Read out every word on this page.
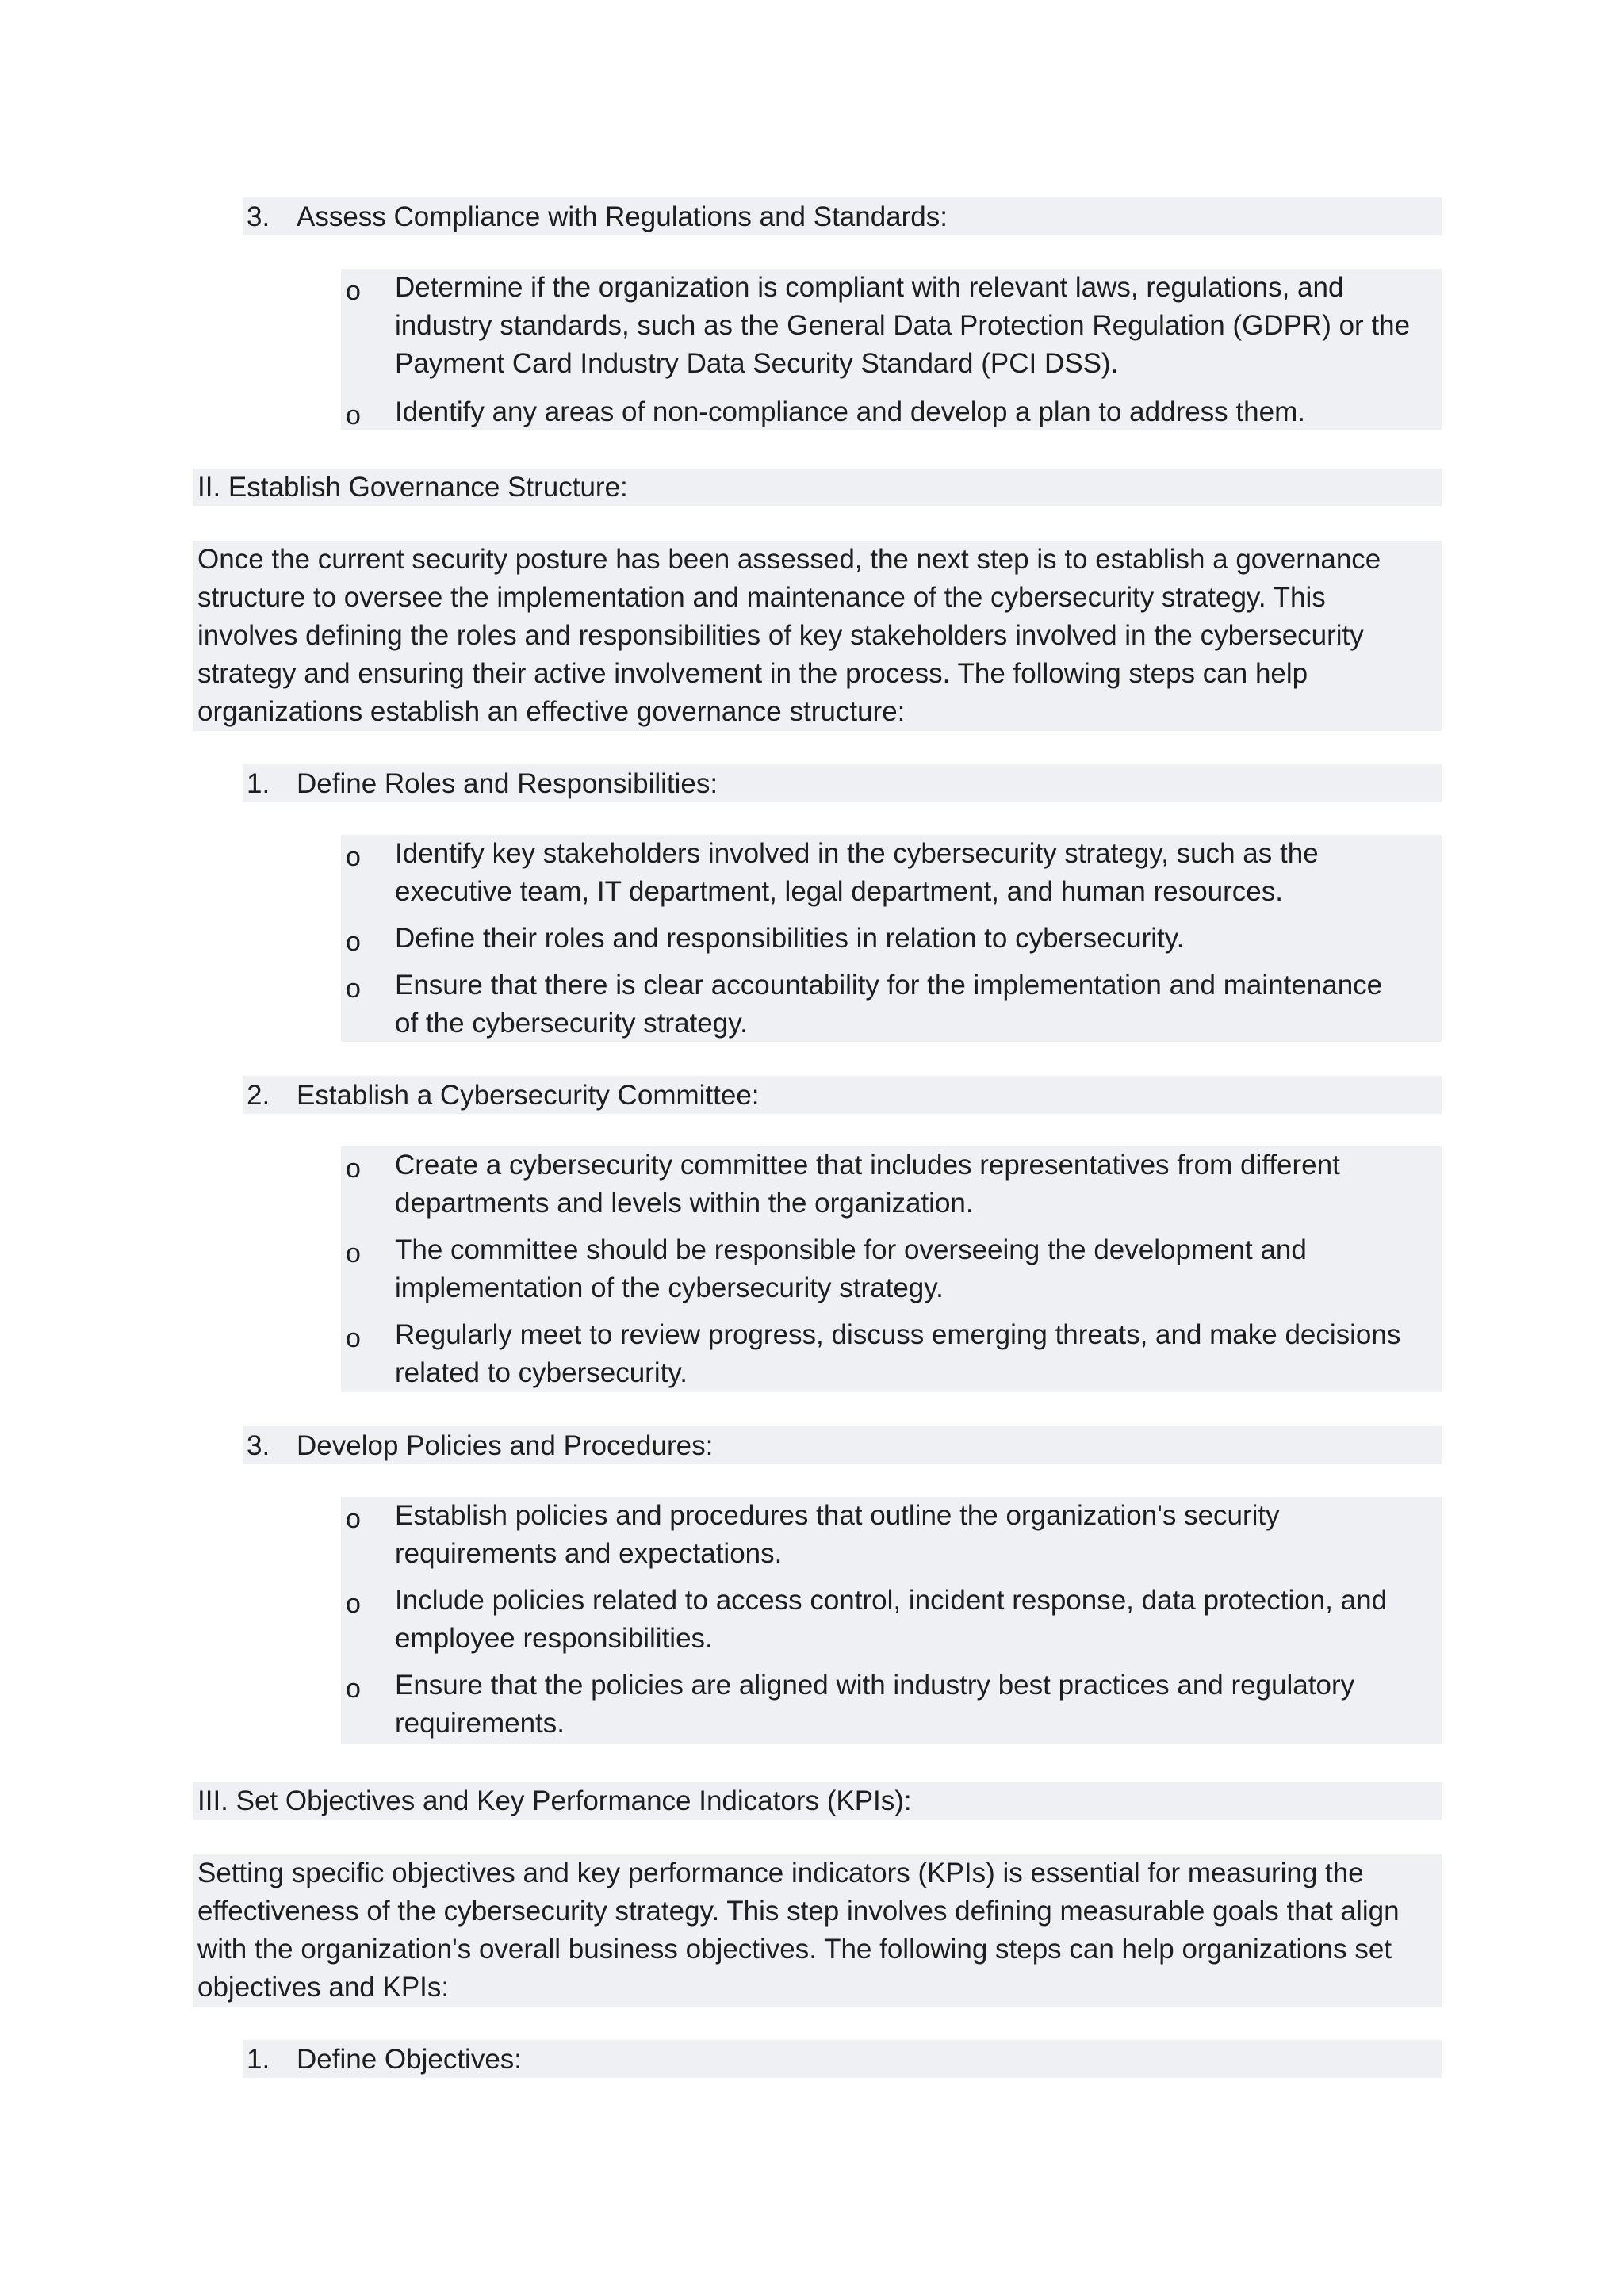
3. Assess Compliance with Regulations and Standards:
o Determine if the organization is compliant with relevant laws, regulations, and
industry standards, such as the General Data Protection Regulation (GDPR) or the
Payment Card Industry Data Security Standard (PCI DSS).
o Identify any areas of non-compliance and develop a plan to address them.
II. Establish Governance Structure:
Once the current security posture has been assessed, the next step is to establish a governance
structure to oversee the implementation and maintenance of the cybersecurity strategy. This
involves defining the roles and responsibilities of key stakeholders involved in the cybersecurity
strategy and ensuring their active involvement in the process. The following steps can help
organizations establish an effective governance structure:
1. Define Roles and Responsibilities:
o Identify key stakeholders involved in the cybersecurity strategy, such as the
executive team, IT department, legal department, and human resources.
o Define their roles and responsibilities in relation to cybersecurity.
o Ensure that there is clear accountability for the implementation and maintenance
of the cybersecurity strategy.
2. Establish a Cybersecurity Committee:
o Create a cybersecurity committee that includes representatives from different
departments and levels within the organization.
o The committee should be responsible for overseeing the development and
implementation of the cybersecurity strategy.
o Regularly meet to review progress, discuss emerging threats, and make decisions
related to cybersecurity.
3. Develop Policies and Procedures:
o Establish policies and procedures that outline the organization's security
requirements and expectations.
o Include policies related to access control, incident response, data protection, and
employee responsibilities.
o Ensure that the policies are aligned with industry best practices and regulatory
requirements.
III. Set Objectives and Key Performance Indicators (KPIs):
Setting specific objectives and key performance indicators (KPIs) is essential for measuring the
effectiveness of the cybersecurity strategy. This step involves defining measurable goals that align
with the organization's overall business objectives. The following steps can help organizations set
objectives and KPIs:
1. Define Objectives:
